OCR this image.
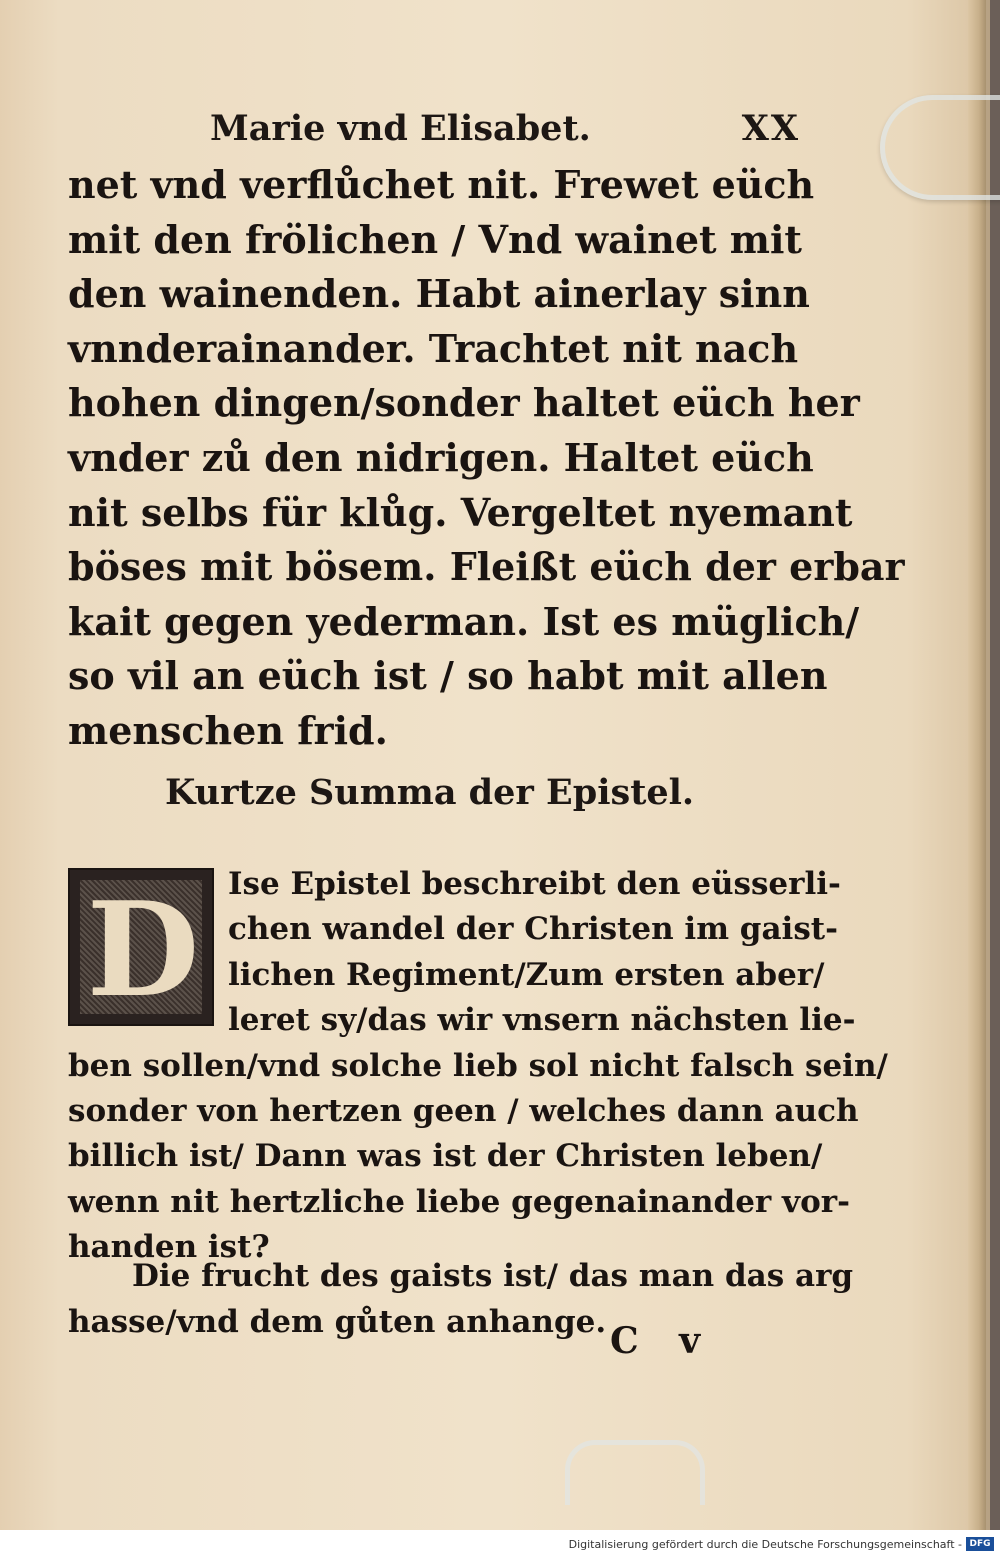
Marie vnd Elisabet.	XX
net vnd verflůchet nit. Frewet eüch
mit den frölichen / Vnd wainet mit
den wainenden. Habt ainerlay sinn
vnnderainander. Trachtet nit nach
hohen dingen/sonder haltet eüch her
vnder zů den nidrigen. Haltet eüch
nit selbs für klůg. Vergeltet nyemant
böses mit bösem. Fleißt eüch der erbar
kait gegen yederman. Ist es müglich/
so vil an eüch ist / so habt mit allen
menschen frid.
Kurtze Summa der Epistel.
D Ise Epistel beschreibt den eüsserli-
chen wandel der Christen im gaist-
lichen Regiment/Zum ersten aber/
leret sy/das wir vnsern nächsten lie-
ben sollen/vnd solche lieb sol nicht falsch sein/
sonder von hertzen geen / welches dann auch
billich ist/ Dann was ist der Christen leben/
wenn nit hertzliche liebe gegenainander vor-
handen ist?
Die frucht des gaists ist/ das man das arg
hasse/vnd dem gůten anhange. C v
Digitalisierung gefördert durch die Deutsche Forschungsgemeinschaft - DFG
